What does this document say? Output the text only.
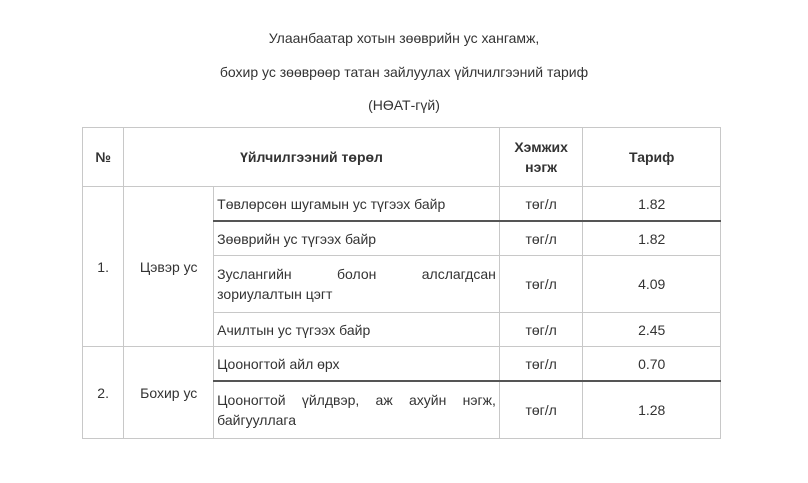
Улаанбаатар хотын зөөврийн ус хангамж,
бохир ус зөөврөөр татан зайлуулах үйлчилгээний тариф
(НӨАТ-гүй)
№	Үйлчилгээний төрөл		Хэмжих нэгж	Тариф
1.	Цэвэр ус	Төвлөрсөн шугамын ус түгээх байр	төг/л	1.82
		Зөөврийн ус түгээх байр	төг/л	1.82
		Зуслангийн болон алслагдсан зориулалтын цэгт	төг/л	4.09
		Ачилтын ус түгээх байр	төг/л	2.45
2.	Бохир ус	Цооногтой айл өрх	төг/л	0.70
		Цооногтой үйлдвэр, аж ахуйн нэгж, байгууллага	төг/л	1.28
